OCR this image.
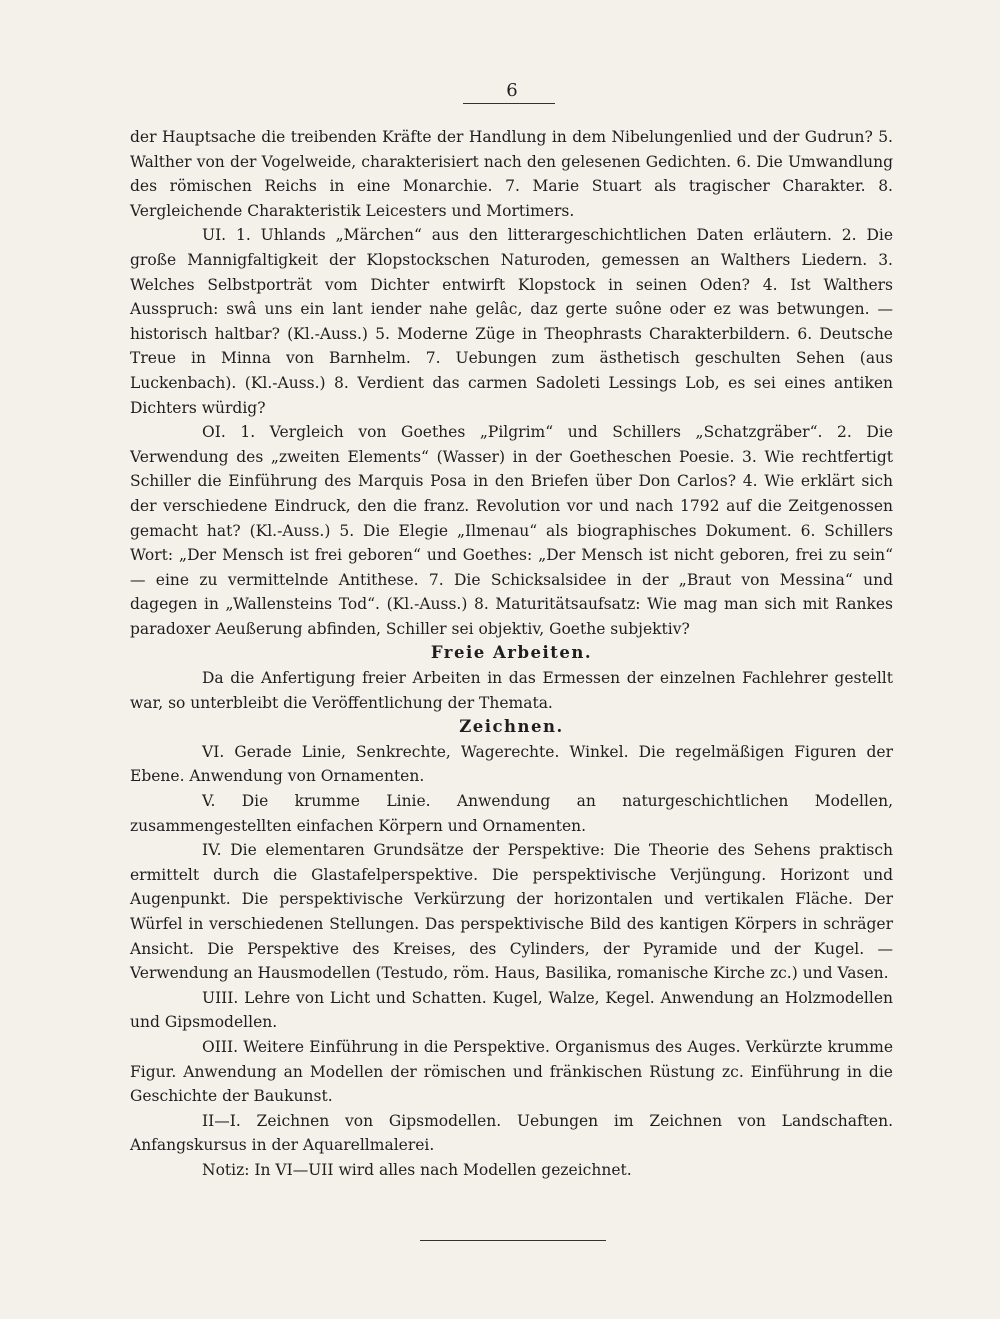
6

der Hauptsache die treibenden Kräfte der Handlung in dem Nibelungenlied und der Gudrun? 5. Walther von der Vogelweide, charakterisiert nach den gelesenen Gedichten. 6. Die Umwandlung des römischen Reichs in eine Monarchie. 7. Marie Stuart als tragischer Charakter. 8. Vergleichende Charakteristik Leicesters und Mortimers.

UI. 1. Uhlands „Märchen“ aus den litterargeschichtlichen Daten erläutern. 2. Die große Mannigfaltigkeit der Klopstockschen Naturoden, gemessen an Walthers Liedern. 3. Welches Selbstporträt vom Dichter entwirft Klopstock in seinen Oden? 4. Ist Walthers Ausspruch: swâ uns ein lant iender nahe gelâc, daz gerte suône oder ez was betwungen. — historisch haltbar? (Kl.-Auss.) 5. Moderne Züge in Theophrasts Charakterbildern. 6. Deutsche Treue in Minna von Barnhelm. 7. Uebungen zum ästhetisch geschulten Sehen (aus Luckenbach). (Kl.-Auss.) 8. Verdient das carmen Sadoleti Lessings Lob, es sei eines antiken Dichters würdig?

OI. 1. Vergleich von Goethes „Pilgrim“ und Schillers „Schatzgräber“. 2. Die Verwendung des „zweiten Elements“ (Wasser) in der Goetheschen Poesie. 3. Wie rechtfertigt Schiller die Einführung des Marquis Posa in den Briefen über Don Carlos? 4. Wie erklärt sich der verschiedene Eindruck, den die franz. Revolution vor und nach 1792 auf die Zeitgenossen gemacht hat? (Kl.-Auss.) 5. Die Elegie „Ilmenau“ als biographisches Dokument. 6. Schillers Wort: „Der Mensch ist frei geboren“ und Goethes: „Der Mensch ist nicht geboren, frei zu sein“ — eine zu vermittelnde Antithese. 7. Die Schicksalsidee in der „Braut von Messina“ und dagegen in „Wallensteins Tod“. (Kl.-Auss.) 8. Maturitätsaufsatz: Wie mag man sich mit Rankes paradoxer Aeußerung abfinden, Schiller sei objektiv, Goethe subjektiv?

Freie Arbeiten.

Da die Anfertigung freier Arbeiten in das Ermessen der einzelnen Fachlehrer gestellt war, so unterbleibt die Veröffentlichung der Themata.

Zeichnen.

VI. Gerade Linie, Senkrechte, Wagerechte. Winkel. Die regelmäßigen Figuren der Ebene. Anwendung von Ornamenten.

V. Die krumme Linie. Anwendung an naturgeschichtlichen Modellen, zusammengestellten einfachen Körpern und Ornamenten.

IV. Die elementaren Grundsätze der Perspektive: Die Theorie des Sehens praktisch ermittelt durch die Glastafelperspektive. Die perspektivische Verjüngung. Horizont und Augenpunkt. Die perspektivische Verkürzung der horizontalen und vertikalen Fläche. Der Würfel in verschiedenen Stellungen. Das perspektivische Bild des kantigen Körpers in schräger Ansicht. Die Perspektive des Kreises, des Cylinders, der Pyramide und der Kugel. — Verwendung an Hausmodellen (Testudo, röm. Haus, Basilika, romanische Kirche zc.) und Vasen.

UIII. Lehre von Licht und Schatten. Kugel, Walze, Kegel. Anwendung an Holzmodellen und Gipsmodellen.

OIII. Weitere Einführung in die Perspektive. Organismus des Auges. Verkürzte krumme Figur. Anwendung an Modellen der römischen und fränkischen Rüstung zc. Einführung in die Geschichte der Baukunst.

II—I. Zeichnen von Gipsmodellen. Uebungen im Zeichnen von Landschaften. Anfangskursus in der Aquarellmalerei.

Notiz: In VI—UII wird alles nach Modellen gezeichnet.
